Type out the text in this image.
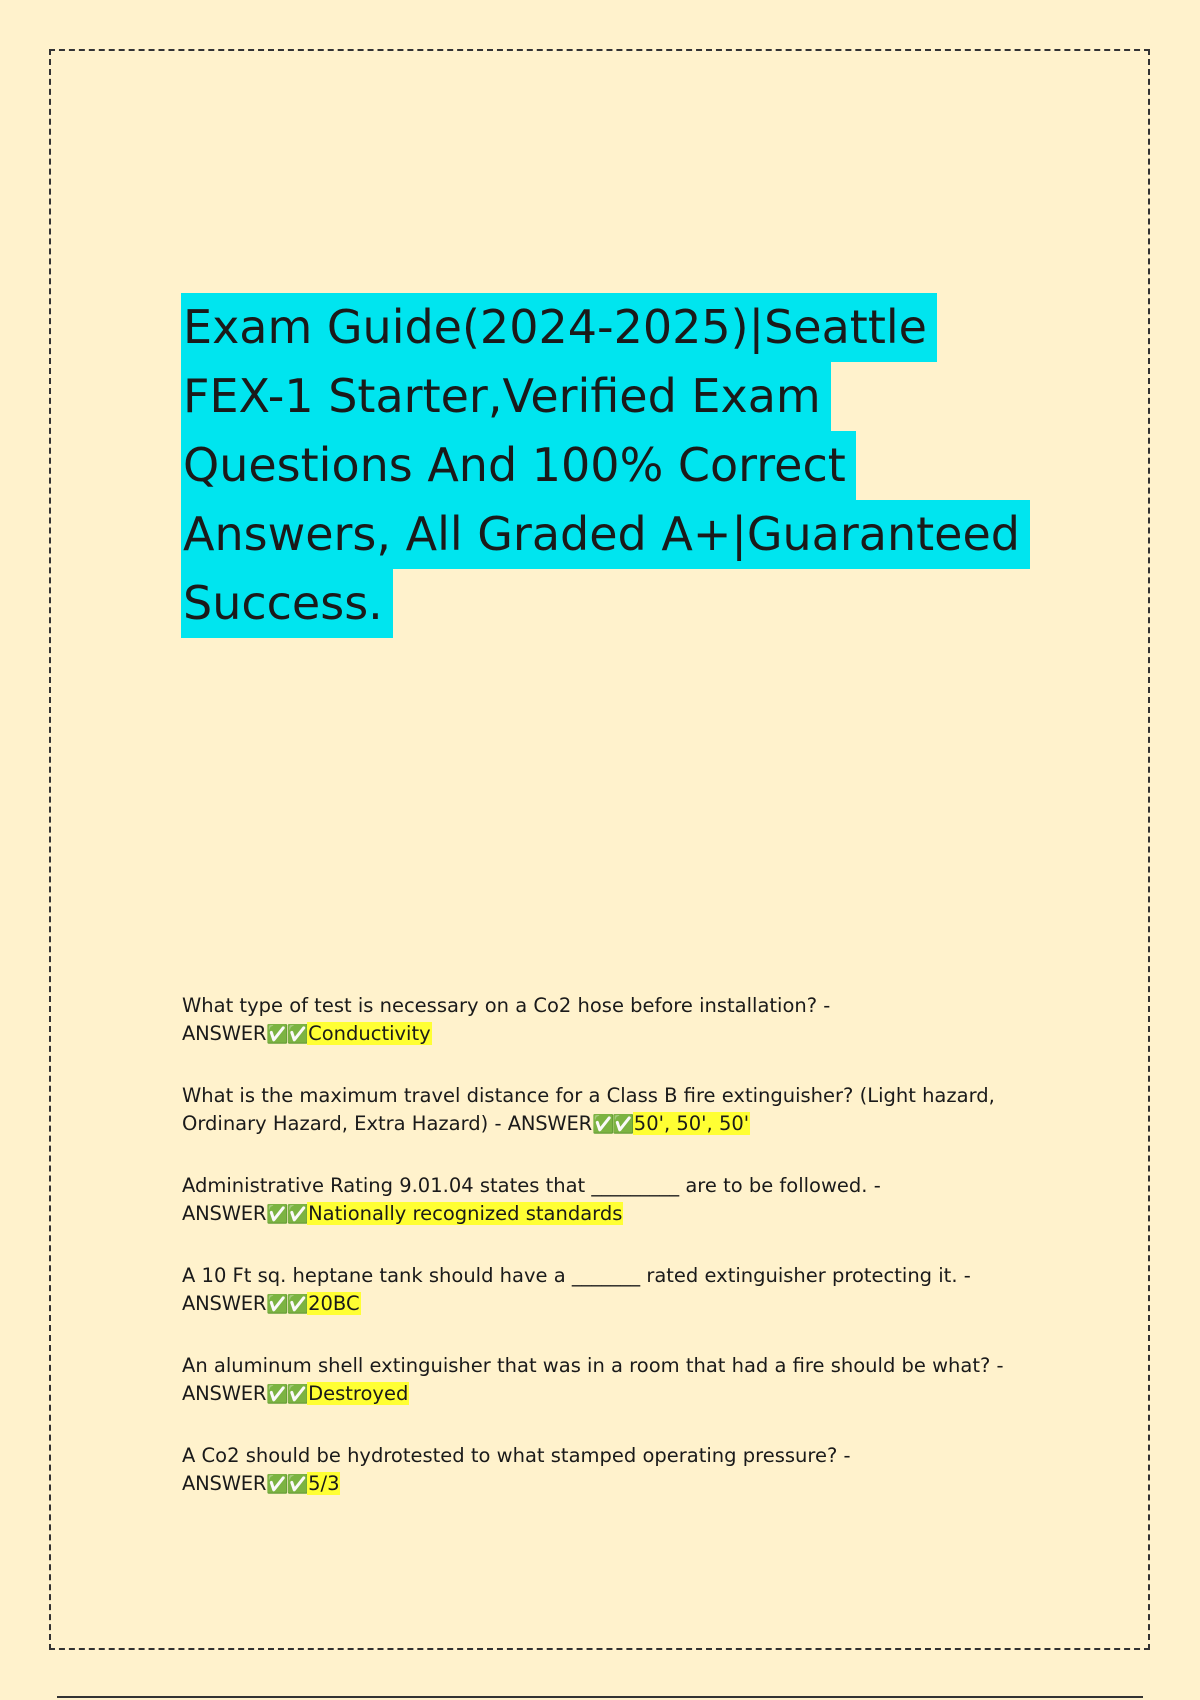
Exam Guide(2024-2025)|Seattle
FEX-1 Starter,Verified Exam
Questions And 100% Correct
Answers, All Graded A+|Guaranteed
Success.
What type of test is necessary on a Co2 hose before installation? -
ANSWER✅✅Conductivity
What is the maximum travel distance for a Class B fire extinguisher? (Light hazard,
Ordinary Hazard, Extra Hazard) - ANSWER✅✅50', 50', 50'
Administrative Rating 9.01.04 states that _________ are to be followed. -
ANSWER✅✅Nationally recognized standards
A 10 Ft sq. heptane tank should have a _______ rated extinguisher protecting it. -
ANSWER✅✅20BC
An aluminum shell extinguisher that was in a room that had a fire should be what? -
ANSWER✅✅Destroyed
A Co2 should be hydrotested to what stamped operating pressure? -
ANSWER✅✅5/3
